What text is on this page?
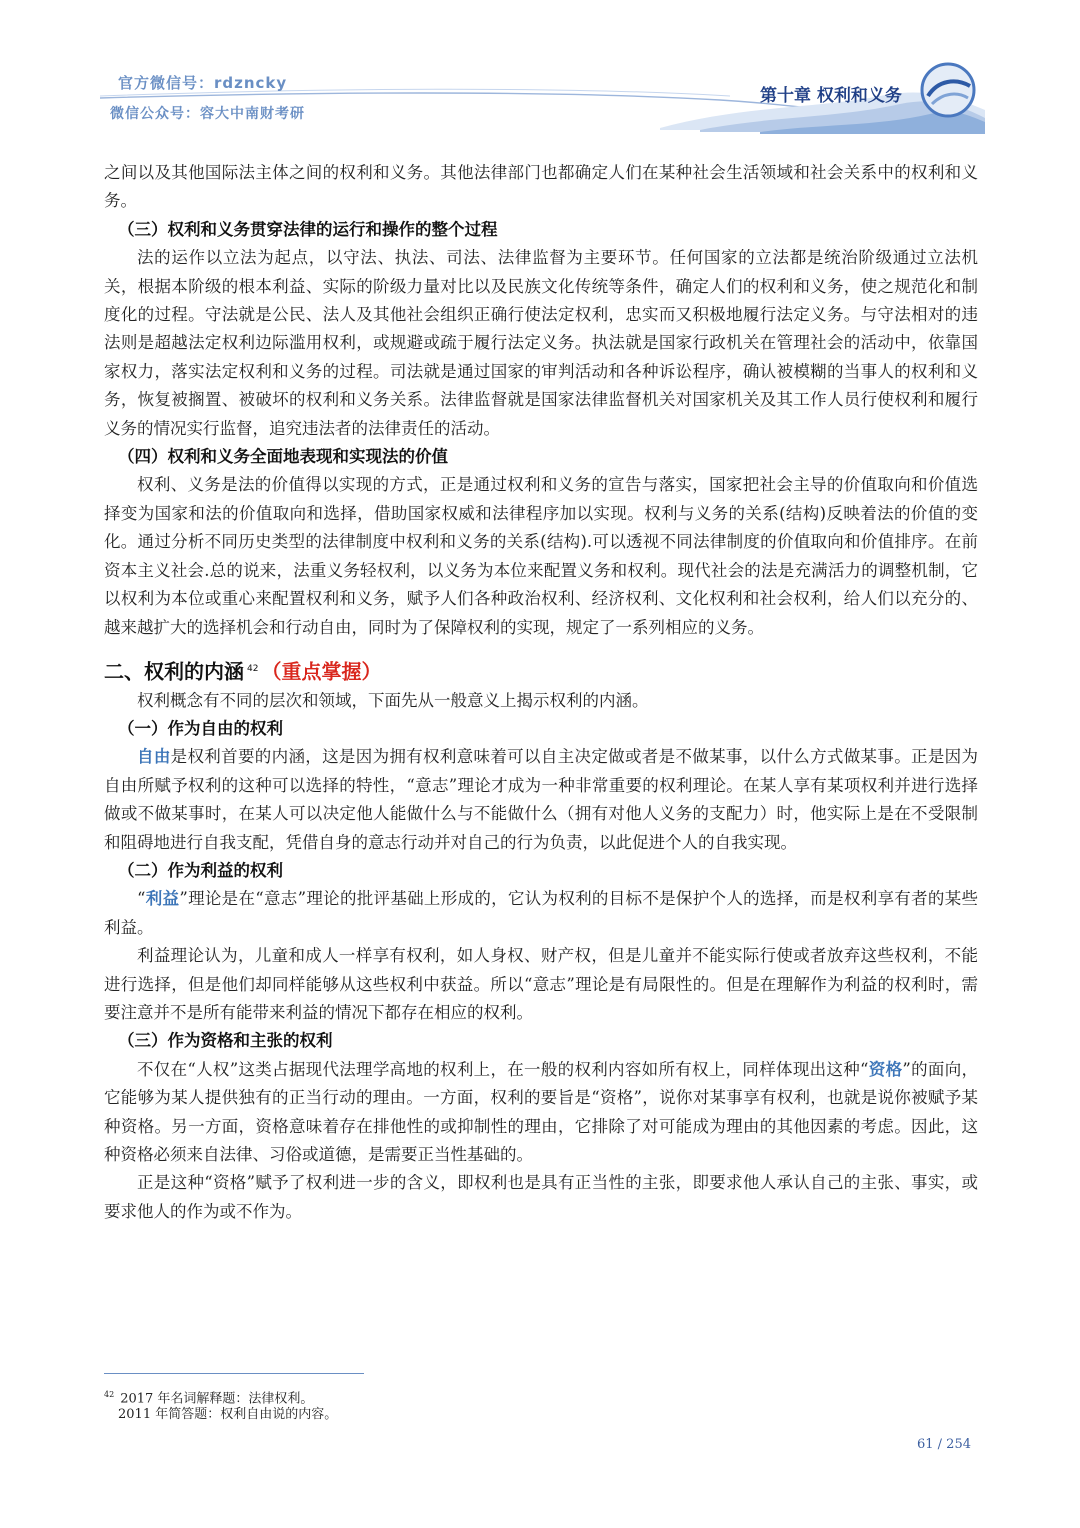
官方微信号：rdzncky
微信公众号：容大中南财考研
第十章 权利和义务

之间以及其他国际法主体之间的权利和义务。其他法律部门也都确定人们在某种社会生活领域和社会关系中的权利和义务。

（三）权利和义务贯穿法律的运行和操作的整个过程

法的运作以立法为起点，以守法、执法、司法、法律监督为主要环节。任何国家的立法都是统治阶级通过立法机关，根据本阶级的根本利益、实际的阶级力量对比以及民族文化传统等条件，确定人们的权利和义务，使之规范化和制度化的过程。守法就是公民、法人及其他社会组织正确行使法定权利，忠实而又积极地履行法定义务。与守法相对的违法则是超越法定权利边际滥用权利，或规避或疏于履行法定义务。执法就是国家行政机关在管理社会的活动中，依靠国家权力，落实法定权利和义务的过程。司法就是通过国家的审判活动和各种诉讼程序，确认被模糊的当事人的权利和义务，恢复被搁置、被破坏的权利和义务关系。法律监督就是国家法律监督机关对国家机关及其工作人员行使权利和履行义务的情况实行监督，追究违法者的法律责任的活动。

（四）权利和义务全面地表现和实现法的价值

权利、义务是法的价值得以实现的方式，正是通过权利和义务的宣告与落实，国家把社会主导的价值取向和价值选择变为国家和法的价值取向和选择，借助国家权威和法律程序加以实现。权利与义务的关系(结构)反映着法的价值的变化。通过分析不同历史类型的法律制度中权利和义务的关系(结构).可以透视不同法律制度的价值取向和价值排序。在前资本主义社会.总的说来，法重义务轻权利，以义务为本位来配置义务和权利。现代社会的法是充满活力的调整机制，它以权利为本位或重心来配置权利和义务，赋予人们各种政治权利、经济权利、文化权利和社会权利，给人们以充分的、越来越扩大的选择机会和行动自由，同时为了保障权利的实现，规定了一系列相应的义务。

二、权利的内涵 $^{42}$ （重点掌握）

权利概念有不同的层次和领域，下面先从一般意义上揭示权利的内涵。

（一）作为自由的权利

自由是权利首要的内涵，这是因为拥有权利意味着可以自主决定做或者是不做某事，以什么方式做某事。正是因为自由所赋予权利的这种可以选择的特性，“意志”理论才成为一种非常重要的权利理论。在某人享有某项权利并进行选择做或不做某事时，在某人可以决定他人能做什么与不能做什么（拥有对他人义务的支配力）时，他实际上是在不受限制和阻碍地进行自我支配，凭借自身的意志行动并对自己的行为负责，以此促进个人的自我实现。

（二）作为利益的权利

“利益”理论是在“意志”理论的批评基础上形成的，它认为权利的目标不是保护个人的选择，而是权利享有者的某些利益。

利益理论认为，儿童和成人一样享有权利，如人身权、财产权，但是儿童并不能实际行使或者放弃这些权利，不能进行选择，但是他们却同样能够从这些权利中获益。所以“意志”理论是有局限性的。但是在理解作为利益的权利时，需要注意并不是所有能带来利益的情况下都存在相应的权利。

（三）作为资格和主张的权利

不仅在“人权”这类占据现代法理学高地的权利上，在一般的权利内容如所有权上，同样体现出这种“资格”的面向，它能够为某人提供独有的正当行动的理由。一方面，权利的要旨是“资格”，说你对某事享有权利，也就是说你被赋予某种资格。另一方面，资格意味着存在排他性的或抑制性的理由，它排除了对可能成为理由的其他因素的考虑。因此，这种资格必须来自法律、习俗或道德，是需要正当性基础的。

正是这种“资格”赋予了权利进一步的含义，即权利也是具有正当性的主张，即要求他人承认自己的主张、事实，或要求他人的作为或不作为。

$^{42}$ 2017 年名词解释题：法律权利。
2011 年简答题：权利自由说的内容。
61 / 254
